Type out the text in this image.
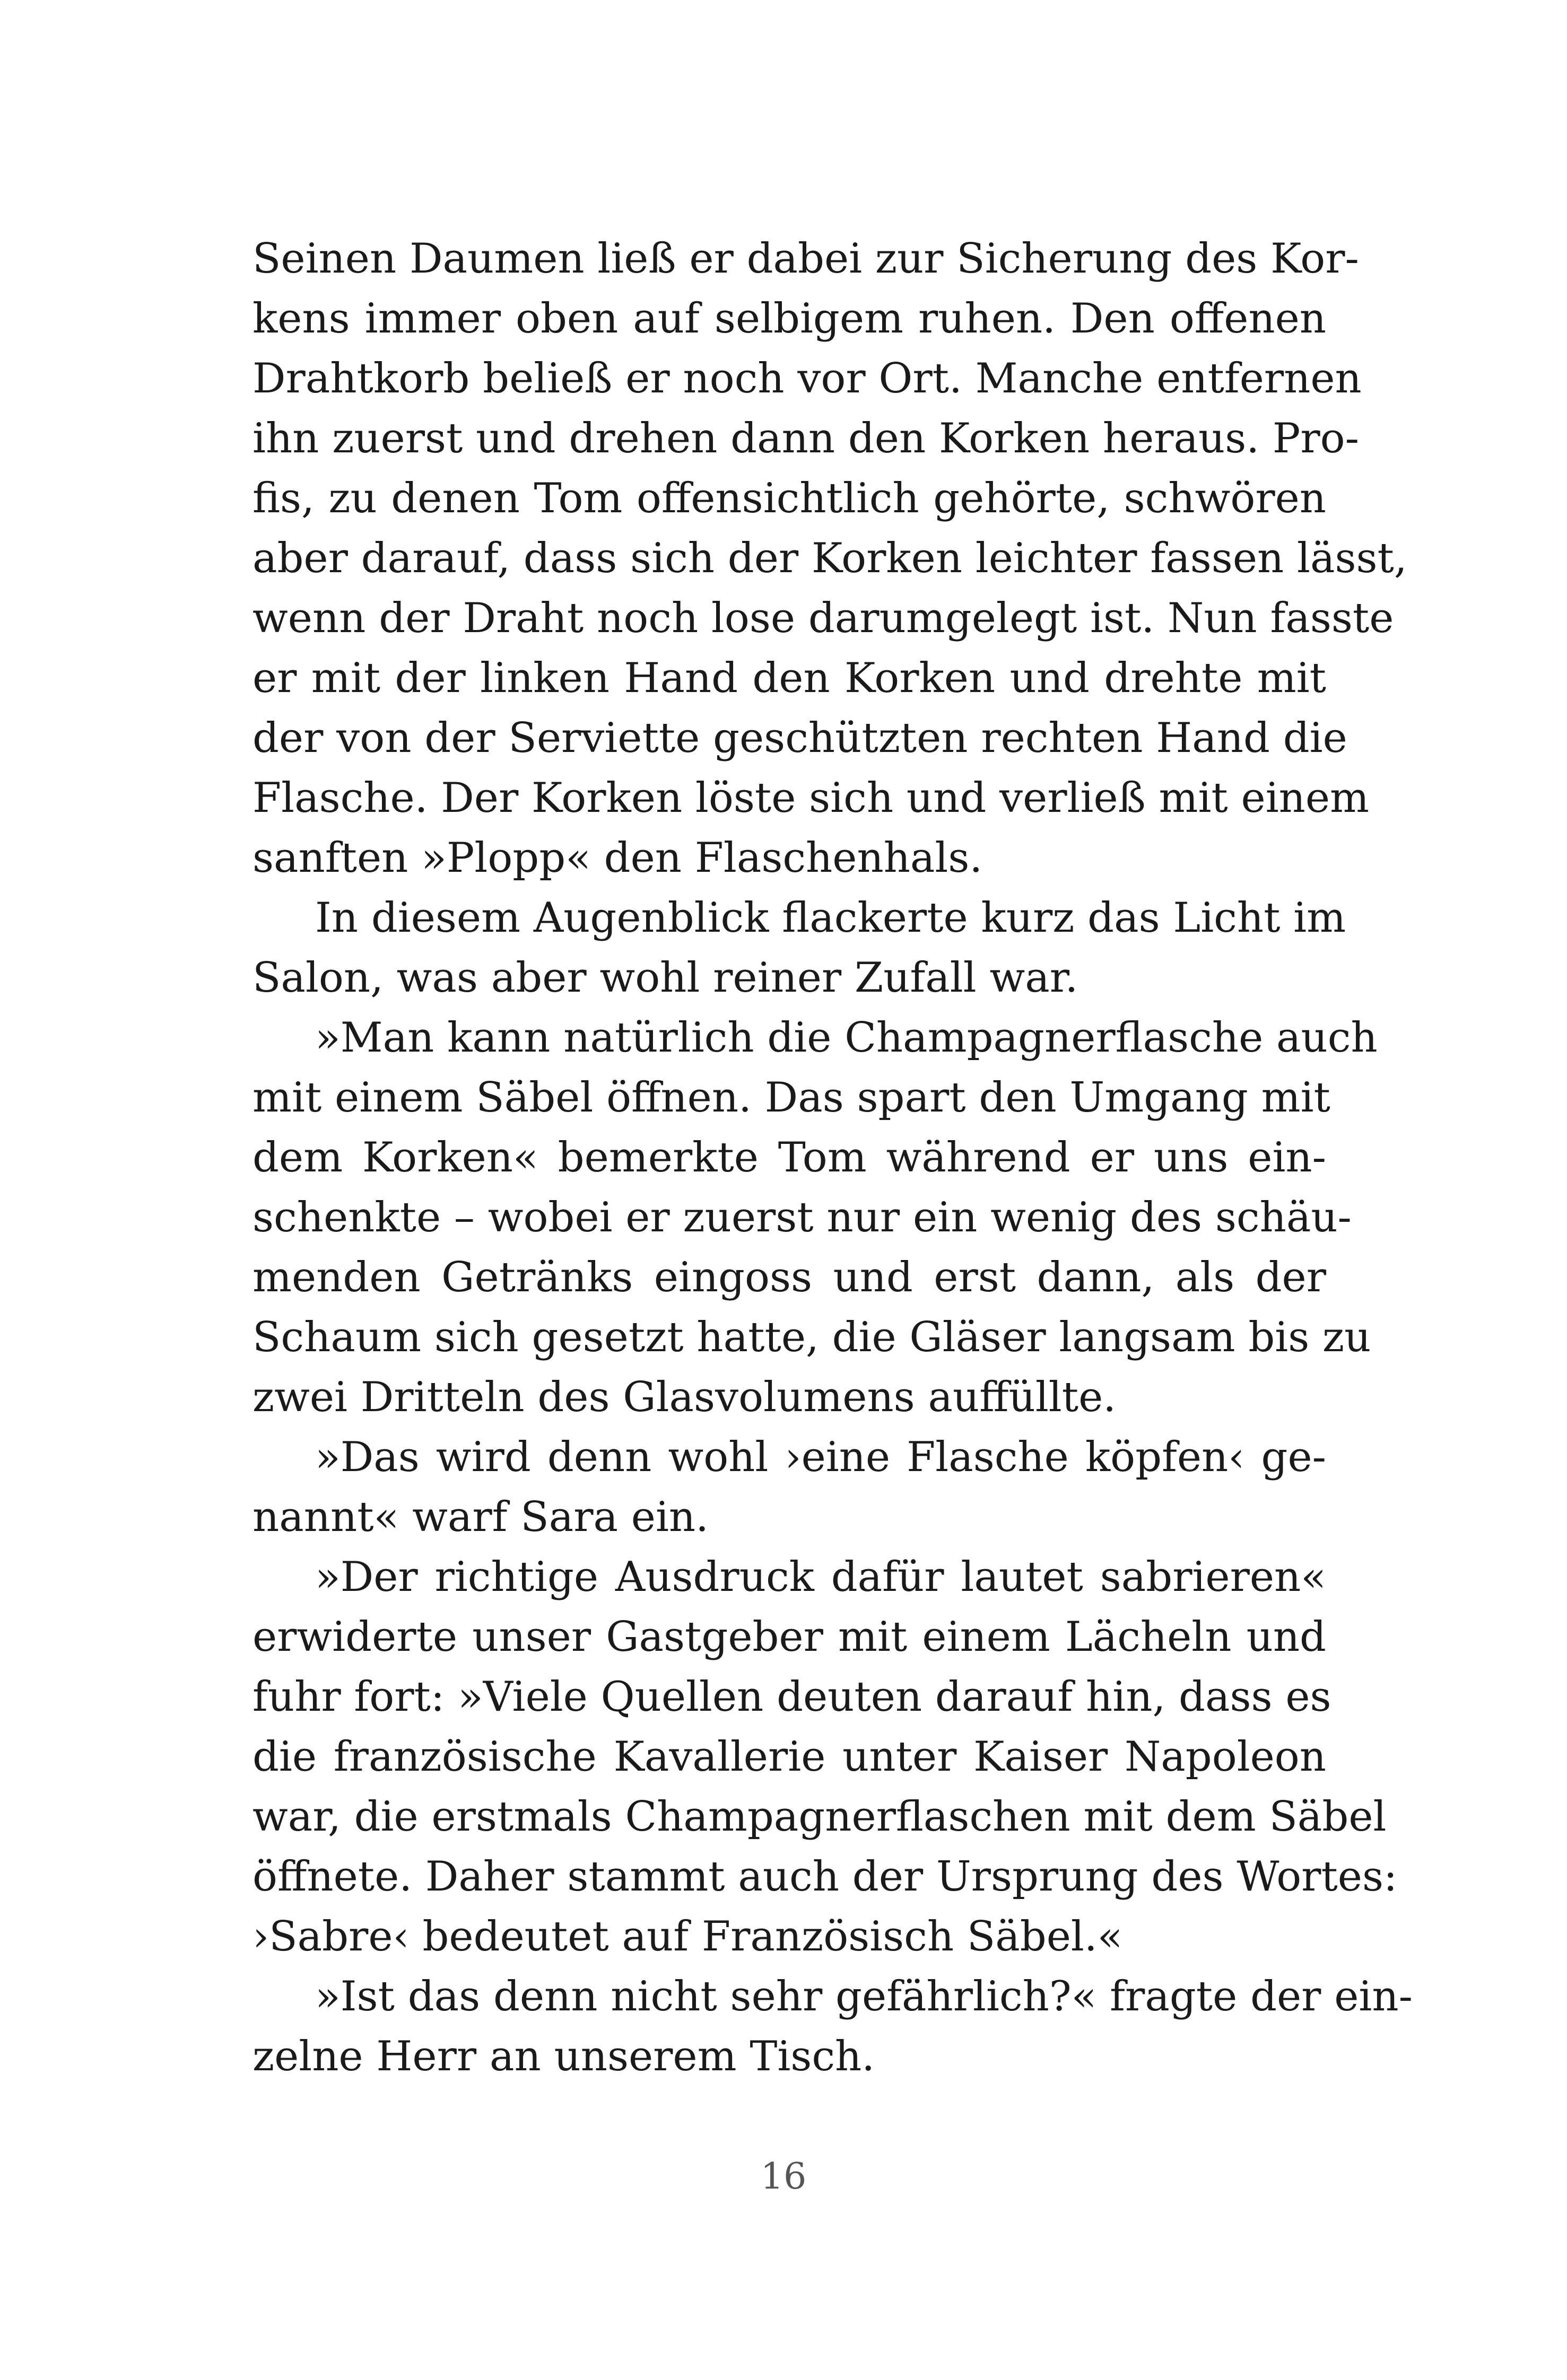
Seinen Daumen ließ er dabei zur Sicherung des Kor-
kens immer oben auf selbigem ruhen. Den offenen
Drahtkorb beließ er noch vor Ort. Manche entfernen
ihn zuerst und drehen dann den Korken heraus. Pro-
fis, zu denen Tom offensichtlich gehörte, schwören
aber darauf, dass sich der Korken leichter fassen lässt,
wenn der Draht noch lose darumgelegt ist. Nun fasste
er mit der linken Hand den Korken und drehte mit
der von der Serviette geschützten rechten Hand die
Flasche. Der Korken löste sich und verließ mit einem
sanften »Plopp« den Flaschenhals.
In diesem Augenblick flackerte kurz das Licht im
Salon, was aber wohl reiner Zufall war.
»Man kann natürlich die Champagnerflasche auch
mit einem Säbel öffnen. Das spart den Umgang mit
dem Korken« bemerkte Tom während er uns ein-
schenkte – wobei er zuerst nur ein wenig des schäu-
menden Getränks eingoss und erst dann, als der
Schaum sich gesetzt hatte, die Gläser langsam bis zu
zwei Dritteln des Glasvolumens auffüllte.
»Das wird denn wohl ›eine Flasche köpfen‹ ge-
nannt« warf Sara ein.
»Der richtige Ausdruck dafür lautet sabrieren«
erwiderte unser Gastgeber mit einem Lächeln und
fuhr fort: »Viele Quellen deuten darauf hin, dass es
die französische Kavallerie unter Kaiser Napoleon
war, die erstmals Champagnerflaschen mit dem Säbel
öffnete. Daher stammt auch der Ursprung des Wortes:
›Sabre‹ bedeutet auf Französisch Säbel.«
»Ist das denn nicht sehr gefährlich?« fragte der ein-
zelne Herr an unserem Tisch.
16
